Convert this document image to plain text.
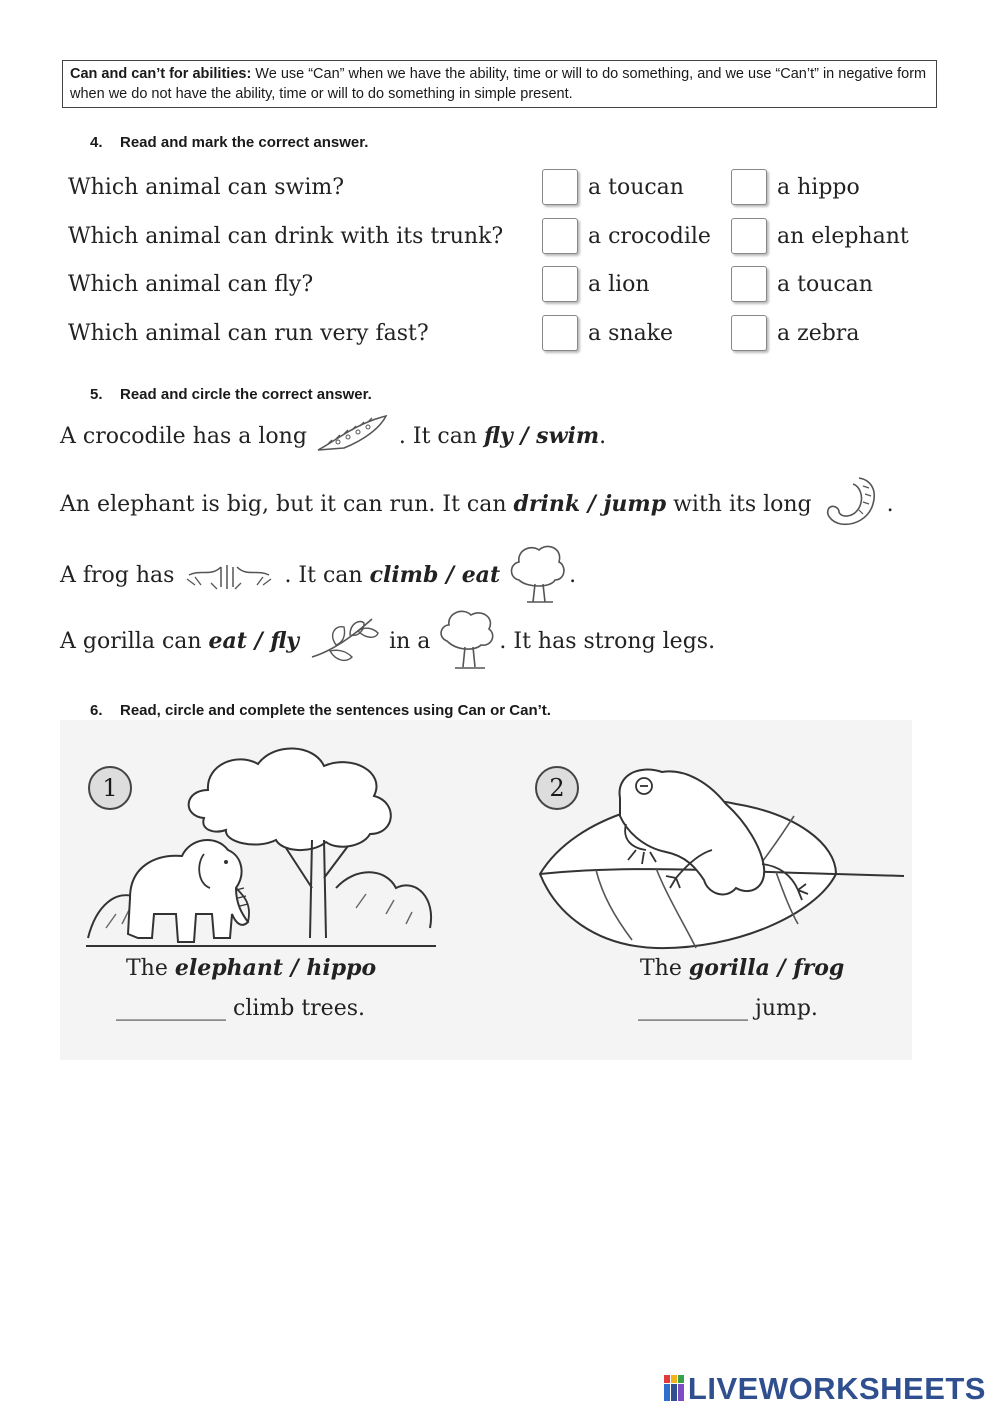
Can and can’t for abilities: We use “Can” when we have the ability, time or will to do something, and we use “Can’t” in negative form when we do not have the ability, time or will to do something in simple present.
4. Read and mark the correct answer.
Which animal can swim?	a toucan	a hippo
Which animal can drink with its trunk?	a crocodile	an elephant
Which animal can fly?	a lion	a toucan
Which animal can run very fast?	a snake	a zebra
5. Read and circle the correct answer.
A crocodile has a long	. It can fly / swim.
An elephant is big, but it can run. It can drink / jump with its long	.
A frog has	. It can climb / eat	.
A gorilla can eat / fly	in a	. It has strong legs.
6. Read, circle and complete the sentences using Can or Can’t.
1
The elephant / hippo
__________ climb trees.
2
The gorilla / frog
__________ jump.
LIVEWORKSHEETS
